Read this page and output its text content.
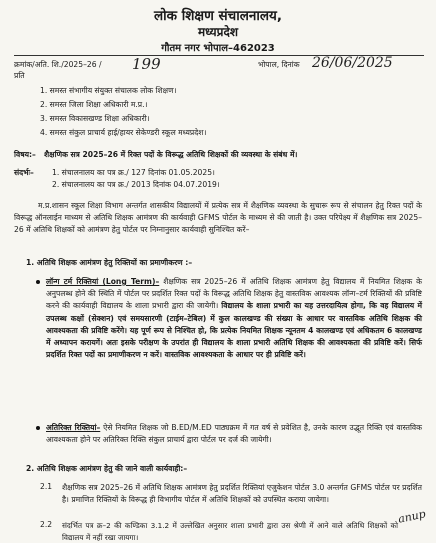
लोक शिक्षण संचालनालय,
मध्यप्रदेश
गौतम नगर भोपाल–462023
क्रमांक/अति. शि./2025–26 / 199	भोपाल, दिनांक 26/06/2025
प्रति
1. समस्त संभागीय संयुक्त संचालक लोक शिक्षण।
2. समस्त जिला शिक्षा अधिकारी म.प्र.।
3. समस्त विकासखण्ड शिक्षा अधिकारी।
4. समस्त संकुल प्राचार्य हाई/हायर सेकेण्डरी स्कूल मध्यप्रदेश।
विषय:– शैक्षणिक सत्र 2025–26 में रिक्त पदों के विरूद्ध अतिथि शिक्षकों की व्यवस्था के संबंध में।
संदर्भः– 1. संचालनालय का पत्र क्र./ 127 दिनांक 01.05.2025।
2. संचालनालय का पत्र क्र./ 2013 दिनांक 04.07.2019।
म.प्र.शासन स्कूल शिक्षा विभाग अन्तर्गत शासकीय विद्यालयों में प्रत्येक सत्र में शैक्षणिक व्यवस्था के सुचारू रूप से संचालन हेतु रिक्त पदों के विरूद्ध ऑनलाईन माध्यम से अतिथि शिक्षक आमंत्रण की कार्यवाही GFMS पोर्टल के माध्यम से की जाती है। उक्त परिपेक्ष्य में शैक्षणिक सत्र 2025–26 में अतिथि शिक्षकों को आमंत्रण हेतु पोर्टल पर निम्नानुसार कार्यवाही सुनिश्चित करें–
1. अतिथि शिक्षक आमंत्रण हेतु रिक्तियों का प्रमाणीकरण :–
लॉन्ग टर्म रिक्तियां (Long Term)– शैक्षणिक सत्र 2025–26 में अतिथि शिक्षक आमंत्रण हेतु विद्यालय में नियमित शिक्षक के अनुपलब्ध होने की स्थिति में पोर्टल पर प्रदर्शित रिक्त पदों के विरूद्ध अतिथि शिक्षक हेतु वास्तविक आवश्यक लॉन्ग–टर्म रिक्तियों की प्रविष्टि करने की कार्यवाही विद्यालय के शाला प्रभारी द्वारा की जायेगी। विद्यालय के शाला प्रभारी का यह उत्तरदायित्व होगा, कि वह विद्यालय में उपलब्ध कक्षों (सेक्शन) एवं समयसारणी (टाईम–टेबिल) में कुल कालखण्ड की संख्या के आधार पर वास्तविक अतिथि शिक्षक की आवश्यकता की प्रविष्टि करेंगे। यह पूर्ण रूप से निश्चित हो, कि प्रत्येक नियमित शिक्षक न्यूनतम 4 कालखण्ड एवं अधिकतम 6 कालखण्ड में अध्यापन करायगें। अतः इसके परीक्षण के उपरांत ही विद्यालय के शाला प्रभारी अतिथि शिक्षक की आवश्यकता की प्रविष्टि करें। सिर्फ प्रदर्शित रिक्त पदों का प्रमाणीकरण न करें। वास्तविक आवश्यकता के आधार पर ही प्रविष्टि करें।
अतिरिक्त रिक्तियां– ऐसे नियमित शिक्षक जो B.ED/M.ED पाठ्यक्रम में गत वर्ष से प्रवेशित है, उनके कारण उद्भूत रिक्ति एवं वास्तविक आवश्यकता होने पर अतिरिक्त रिक्ति संकुल प्राचार्य द्वारा पोर्टल पर दर्ज की जायेगी।
2. अतिथि शिक्षक आमंत्रण हेतु की जाने वाली कार्यवाही:–
2.1 शैक्षणिक सत्र 2025–26 में अतिथि शिक्षक आमंत्रण हेतु प्रदर्शित रिक्तियां एजुकेशन पोर्टल 3.0 अन्तर्गत GFMS पोर्टल पर प्रदर्शित है। प्रमाणित रिक्तियों के विरूद्ध ही विभागीय पोर्टल में अतिथि शिक्षकों को उपस्थित कराया जायेगा।
2.2 संदर्भित पत्र क्र–2 की कण्डिका 3.1.2 में उल्लेखित अनुसार शाला प्रभारी द्वारा उस श्रेणी में आने वाले अतिथि शिक्षकों को विद्यालय में नहीं रखा जायगा।
anup
